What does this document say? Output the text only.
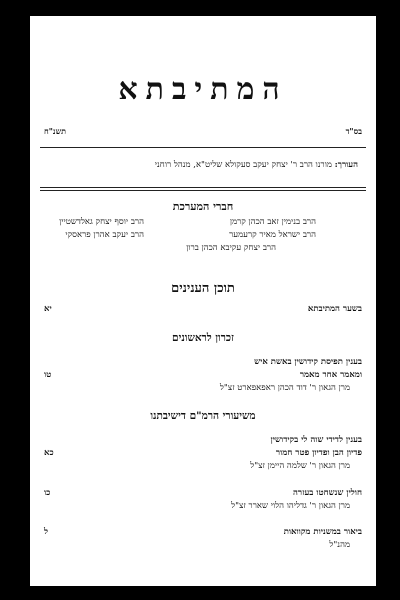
המתיבתא
בס"ד
תשנ"ח
העורך: מורנו הרב ר' יצחק יעקב סעקולא שליט"א, מנהל רוחני
חברי המערכת
הרב בנימין זאב הכהן קרמן
הרב יוסף יצחק גאלדשטיין
הרב ישראל מאיר קרעמער
הרב יעקב אהרן פראסקי
הרב יצחק עקיבא הכהן ברון
תוכן הענינים
בשער המתיבתא
יא
זכרון לראשונים
בענין תפיסת קידושין באשת איש
ומאמר אחר מאמר
טו
מרן הגאון ר' דוד הכהן ראפאפארט זצ"ל
משיעורי הרמ"ם דישיבתנו
בענין לדידי שוה לי בקידושין
פדיון הבן ופדיון פטר חמור
כא
מרן הגאון ר' שלמה היימן זצ"ל
חולין שנשחטו בעזרה
כו
מרן הגאון ר' גדליהו הלוי שארר זצ"ל
ביאור במשניות מקוואות
ל
מהנ"ל
